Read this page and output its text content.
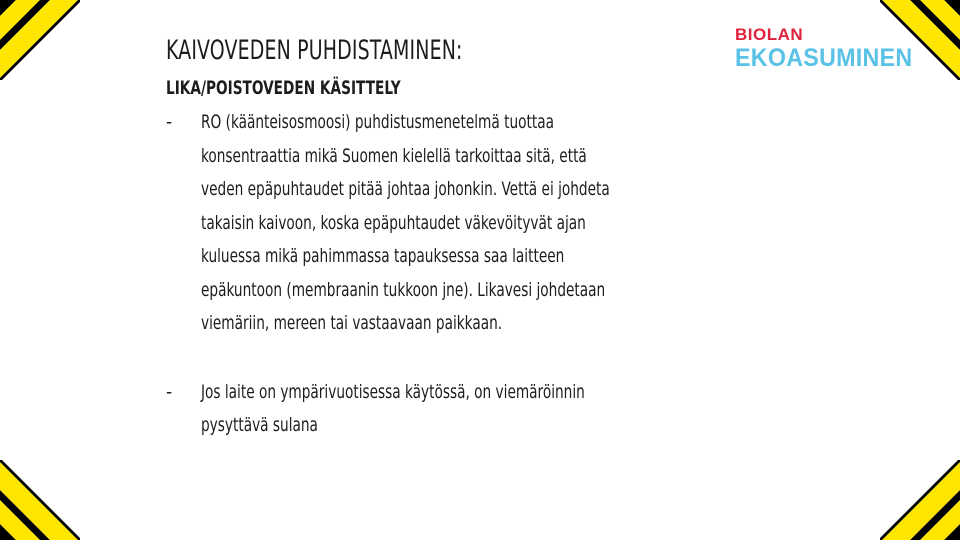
BIOLAN
EKOASUMINEN
KAIVOVEDEN PUHDISTAMINEN:
LIKA/POISTOVEDEN KÄSITTELY
- RO (käänteisosmoosi) puhdistusmenetelmä tuottaa
konsentraattia mikä Suomen kielellä tarkoittaa sitä, että
veden epäpuhtaudet pitää johtaa johonkin. Vettä ei johdeta
takaisin kaivoon, koska epäpuhtaudet väkevöityvät ajan
kuluessa mikä pahimmassa tapauksessa saa laitteen
epäkuntoon (membraanin tukkoon jne). Likavesi johdetaan
viemäriin, mereen tai vastaavaan paikkaan.
- Jos laite on ympärivuotisessa käytössä, on viemäröinnin
pysyttävä sulana
